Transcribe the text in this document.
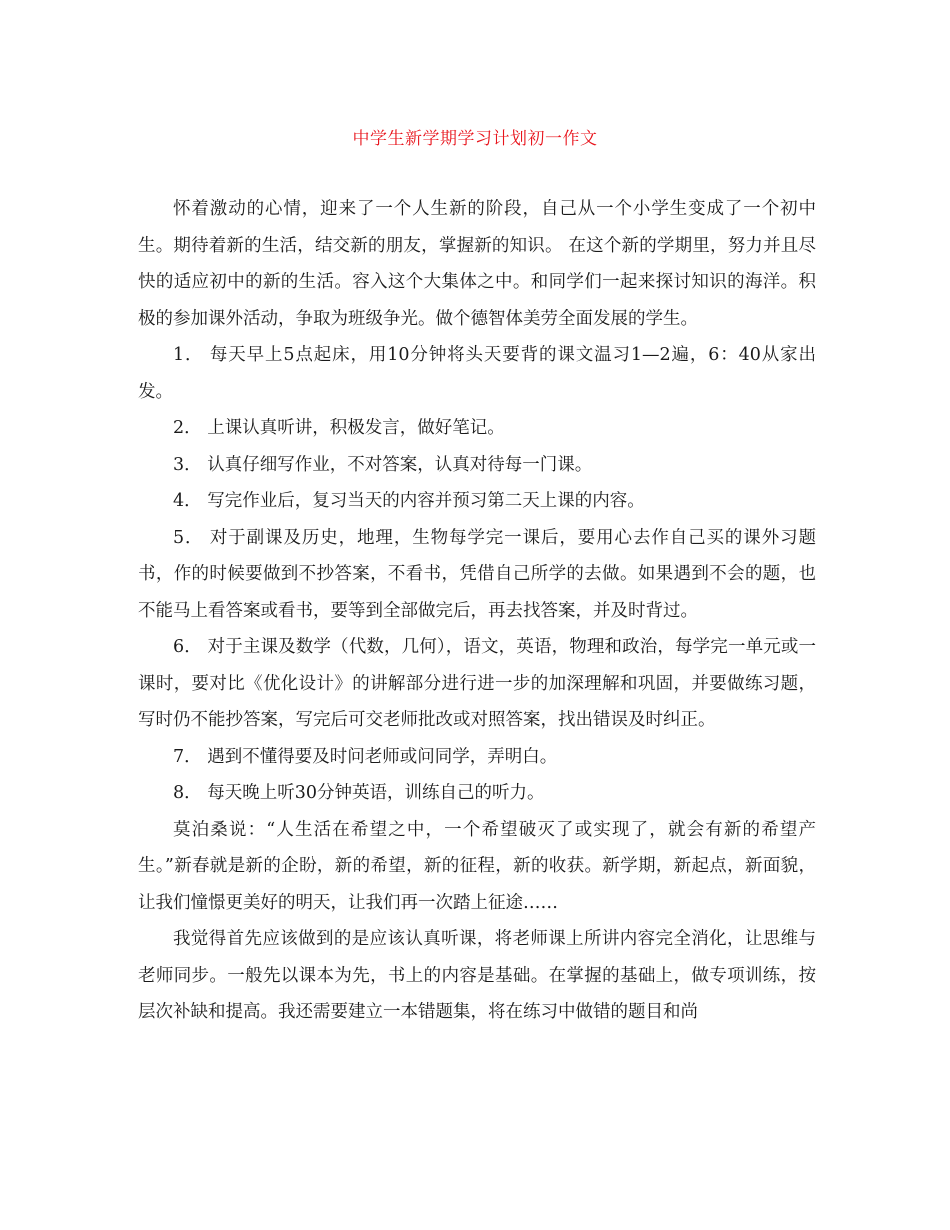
中学生新学期学习计划初一作文

怀着激动的心情，迎来了一个人生新的阶段，自己从一个小学生变成了一个初中生。期待着新的生活，结交新的朋友，掌握新的知识。 在这个新的学期里，努力并且尽快的适应初中的新的生活。容入这个大集体之中。和同学们一起来探讨知识的海洋。积极的参加课外活动，争取为班级争光。做个德智体美劳全面发展的学生。

1． 每天早上5点起床，用10分钟将头天要背的课文温习1—2遍，6：40从家出发。

2． 上课认真听讲，积极发言，做好笔记。

3． 认真仔细写作业，不对答案，认真对待每一门课。

4． 写完作业后，复习当天的内容并预习第二天上课的内容。

5． 对于副课及历史，地理，生物每学完一课后，要用心去作自己买的课外习题书，作的时候要做到不抄答案，不看书，凭借自己所学的去做。如果遇到不会的题，也不能马上看答案或看书，要等到全部做完后，再去找答案，并及时背过。

6． 对于主课及数学（代数，几何），语文，英语，物理和政治，每学完一单元或一课时，要对比《优化设计》的讲解部分进行进一步的加深理解和巩固，并要做练习题，写时仍不能抄答案，写完后可交老师批改或对照答案，找出错误及时纠正。

7． 遇到不懂得要及时问老师或问同学，弄明白。

8． 每天晚上听30分钟英语，训练自己的听力。

莫泊桑说：“人生活在希望之中，一个希望破灭了或实现了，就会有新的希望产生。”新春就是新的企盼，新的希望，新的征程，新的收获。新学期，新起点，新面貌，让我们憧憬更美好的明天，让我们再一次踏上征途……

我觉得首先应该做到的是应该认真听课，将老师课上所讲内容完全消化，让思维与老师同步。一般先以课本为先，书上的内容是基础。在掌握的基础上，做专项训练，按层次补缺和提高。我还需要建立一本错题集，将在练习中做错的题目和尚
